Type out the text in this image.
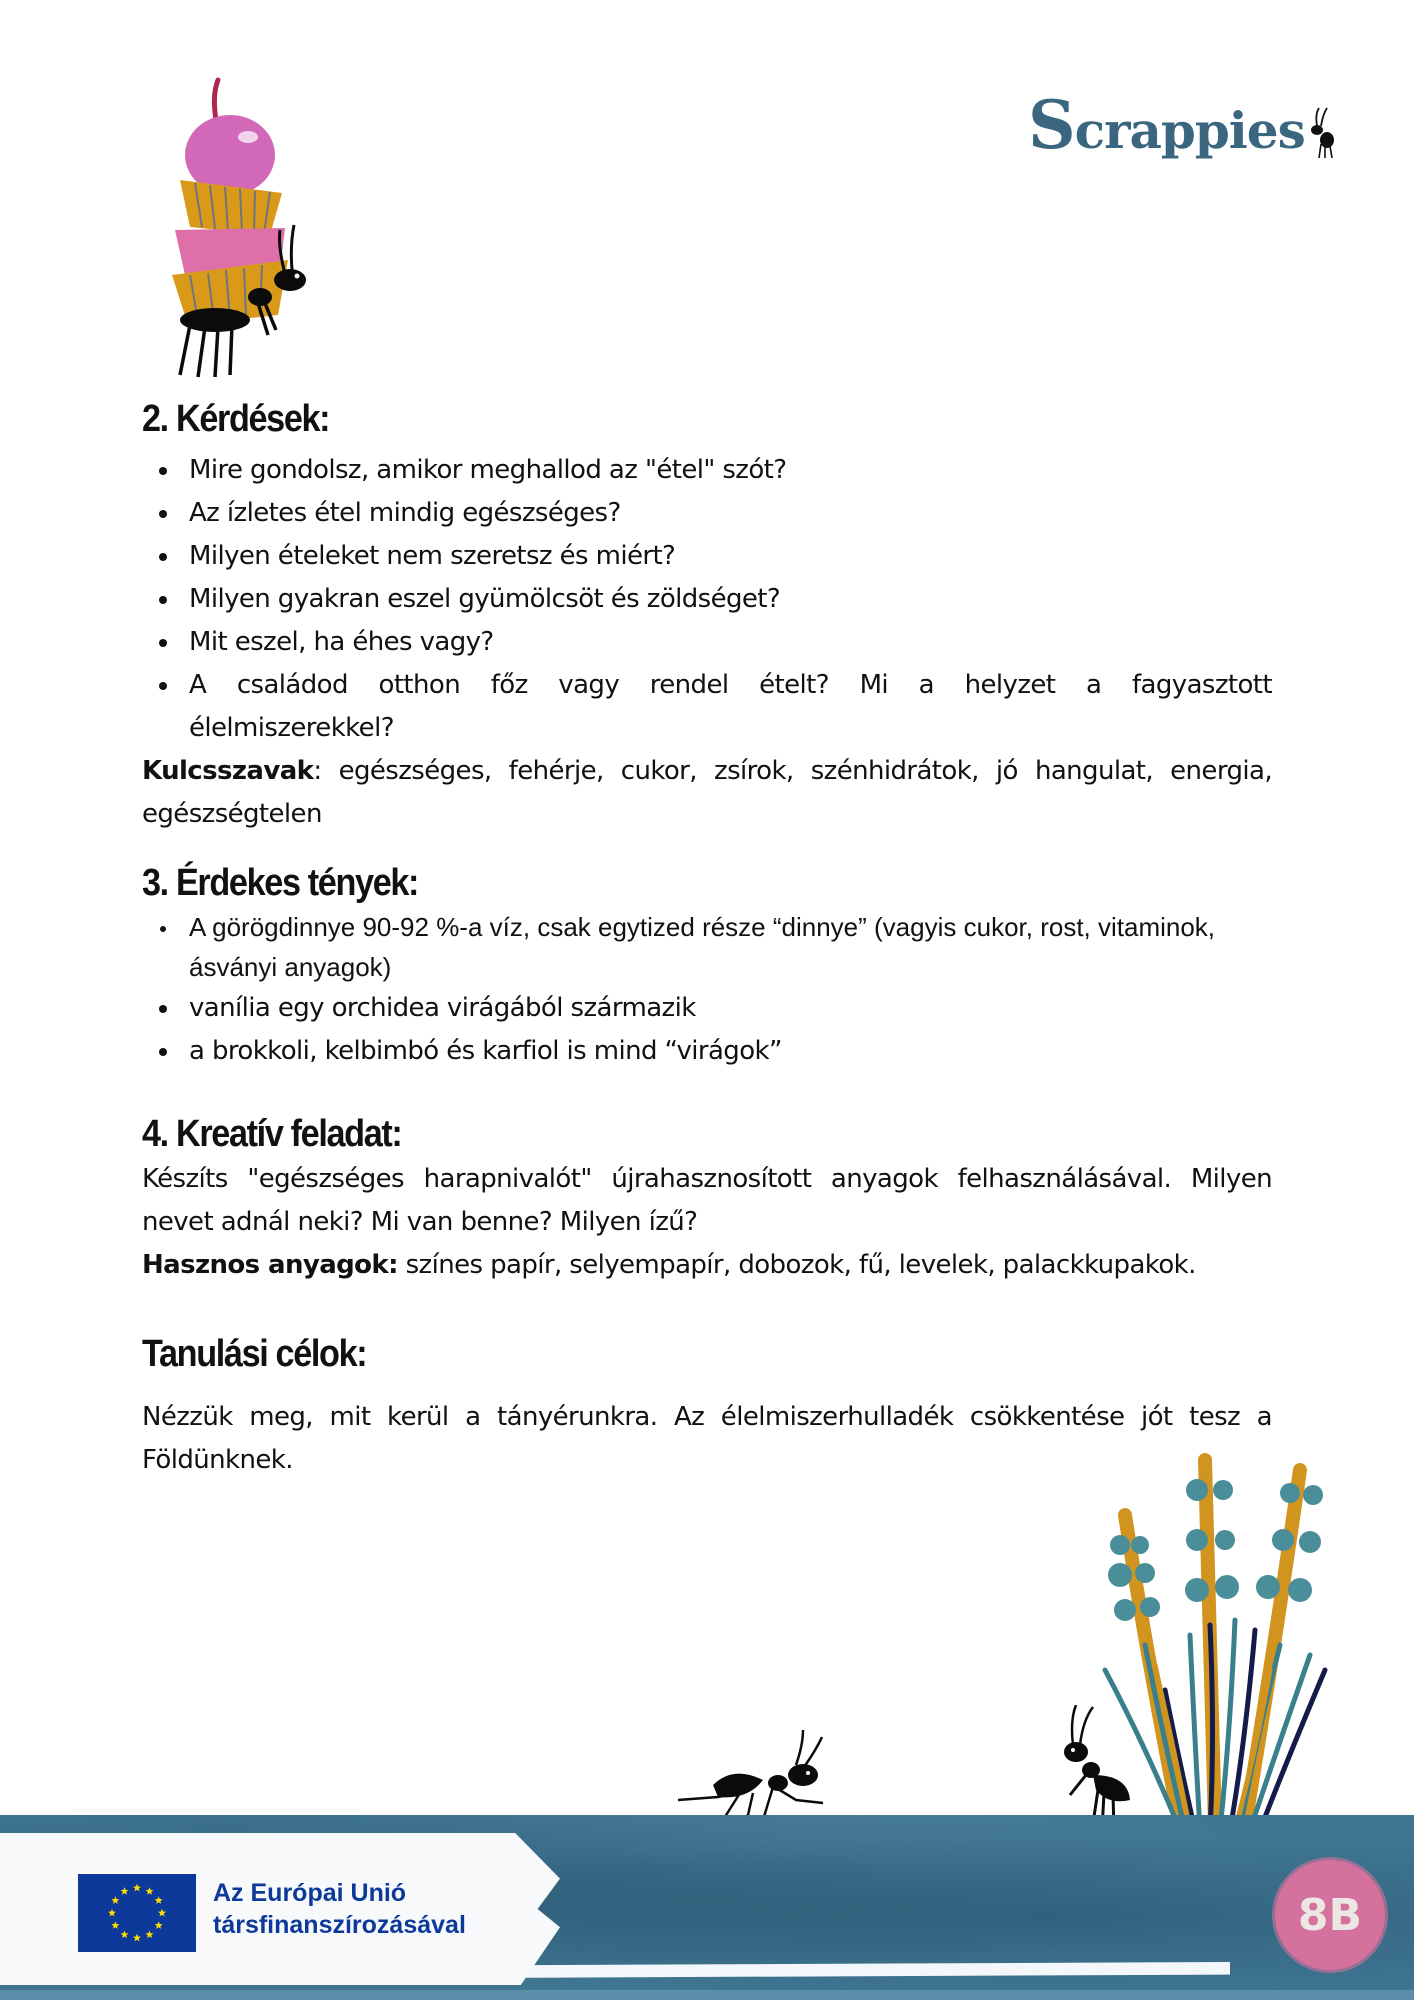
Scrappies
2. Kérdések:
Mire gondolsz, amikor meghallod az "étel" szót?
Az ízletes étel mindig egészséges?
Milyen ételeket nem szeretsz és miért?
Milyen gyakran eszel gyümölcsöt és zöldséget?
Mit eszel, ha éhes vagy?
A családod otthon főz vagy rendel ételt? Mi a helyzet a fagyasztott élelmiszerekkel?

Kulcsszavak: egészséges, fehérje, cukor, zsírok, szénhidrátok, jó hangulat, energia, egészségtelen

3. Érdekes tények:
A görögdinnye 90-92 %-a víz, csak egytized része “dinnye” (vagyis cukor, rost, vitaminok, ásványi anyagok)
vanília egy orchidea virágából származik
a brokkoli, kelbimbó és karfiol is mind “virágok”
4. Kreatív feladat:

Készíts "egészséges harapnivalót" újrahasznosított anyagok felhasználásával. Milyen nevet adnál neki? Mi van benne? Milyen ízű?

Hasznos anyagok: színes papír, selyempapír, dobozok, fű, levelek, palackkupakok.

Tanulási célok:

Nézzük meg, mit kerül a tányérunkra. Az élelmiszerhulladék csökkentése jót tesz a Földünknek.

Az Európai Unió
társfinanszírozásával	8B
